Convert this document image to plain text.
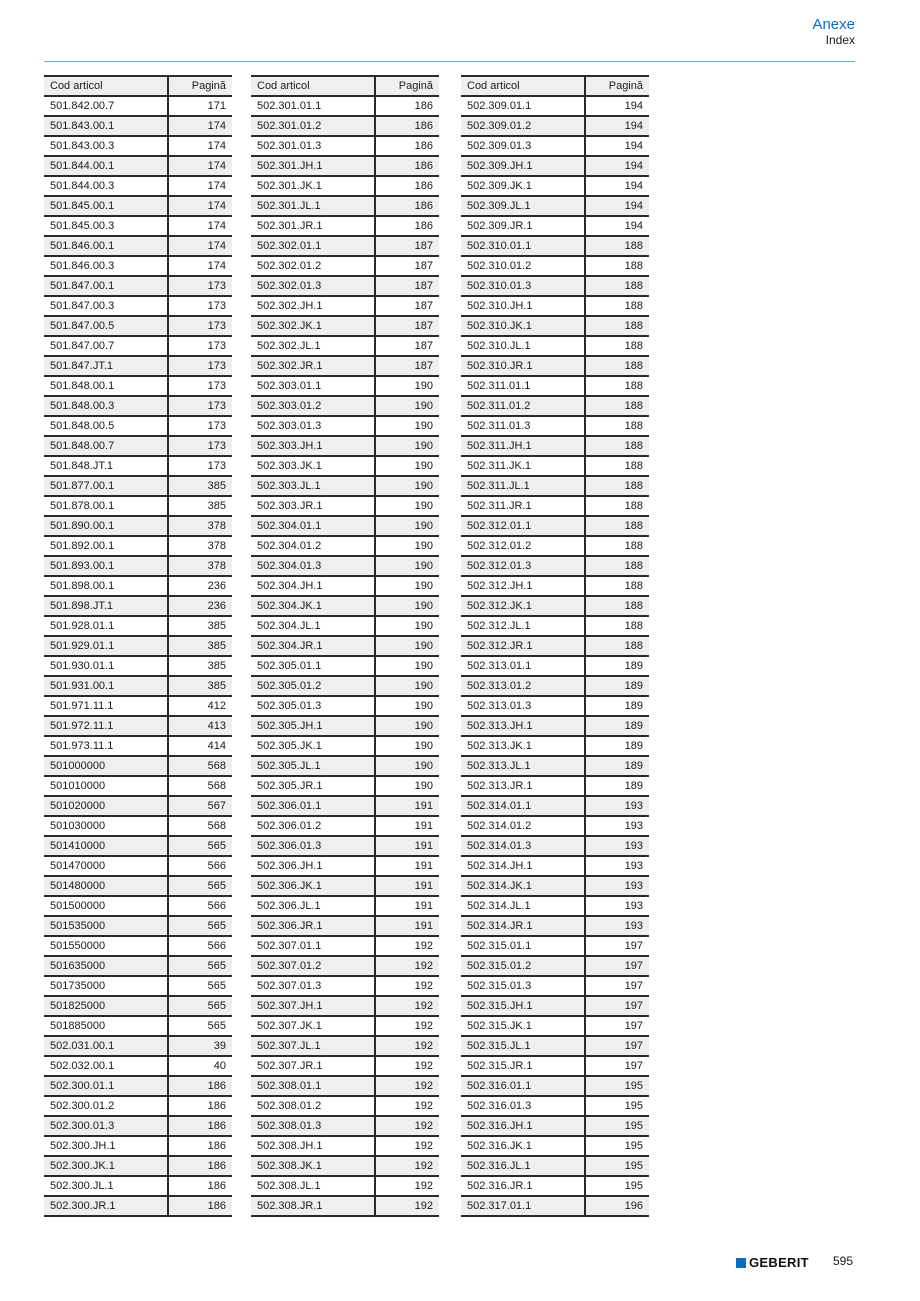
Anexe
Index
Cod articol	Pagină
501.842.00.7	171
501.843.00.1	174
501.843.00.3	174
501.844.00.1	174
501.844.00.3	174
501.845.00.1	174
501.845.00.3	174
501.846.00.1	174
501.846.00.3	174
501.847.00.1	173
501.847.00.3	173
501.847.00.5	173
501.847.00.7	173
501.847.JT.1	173
501.848.00.1	173
501.848.00.3	173
501.848.00.5	173
501.848.00.7	173
501.848.JT.1	173
501.877.00.1	385
501.878.00.1	385
501.890.00.1	378
501.892.00.1	378
501.893.00.1	378
501.898.00.1	236
501.898.JT.1	236
501.928.01.1	385
501.929.01.1	385
501.930.01.1	385
501.931.00.1	385
501.971.11.1	412
501.972.11.1	413
501.973.11.1	414
501000000	568
501010000	568
501020000	567
501030000	568
501410000	565
501470000	566
501480000	565
501500000	566
501535000	565
501550000	566
501635000	565
501735000	565
501825000	565
501885000	565
502.031.00.1	39
502.032.00.1	40
502.300.01.1	186
502.300.01.2	186
502.300.01.3	186
502.300.JH.1	186
502.300.JK.1	186
502.300.JL.1	186
502.300.JR.1	186
Cod articol	Pagină
502.301.01.1	186
502.301.01.2	186
502.301.01.3	186
502.301.JH.1	186
502.301.JK.1	186
502.301.JL.1	186
502.301.JR.1	186
502.302.01.1	187
502.302.01.2	187
502.302.01.3	187
502.302.JH.1	187
502.302.JK.1	187
502.302.JL.1	187
502.302.JR.1	187
502.303.01.1	190
502.303.01.2	190
502.303.01.3	190
502.303.JH.1	190
502.303.JK.1	190
502.303.JL.1	190
502.303.JR.1	190
502.304.01.1	190
502.304.01.2	190
502.304.01.3	190
502.304.JH.1	190
502.304.JK.1	190
502.304.JL.1	190
502.304.JR.1	190
502.305.01.1	190
502.305.01.2	190
502.305.01.3	190
502.305.JH.1	190
502.305.JK.1	190
502.305.JL.1	190
502.305.JR.1	190
502.306.01.1	191
502.306.01.2	191
502.306.01.3	191
502.306.JH.1	191
502.306.JK.1	191
502.306.JL.1	191
502.306.JR.1	191
502.307.01.1	192
502.307.01.2	192
502.307.01.3	192
502.307.JH.1	192
502.307.JK.1	192
502.307.JL.1	192
502.307.JR.1	192
502.308.01.1	192
502.308.01.2	192
502.308.01.3	192
502.308.JH.1	192
502.308.JK.1	192
502.308.JL.1	192
502.308.JR.1	192
Cod articol	Pagină
502.309.01.1	194
502.309.01.2	194
502.309.01.3	194
502.309.JH.1	194
502.309.JK.1	194
502.309.JL.1	194
502.309.JR.1	194
502.310.01.1	188
502.310.01.2	188
502.310.01.3	188
502.310.JH.1	188
502.310.JK.1	188
502.310.JL.1	188
502.310.JR.1	188
502.311.01.1	188
502.311.01.2	188
502.311.01.3	188
502.311.JH.1	188
502.311.JK.1	188
502.311.JL.1	188
502.311.JR.1	188
502.312.01.1	188
502.312.01.2	188
502.312.01.3	188
502.312.JH.1	188
502.312.JK.1	188
502.312.JL.1	188
502.312.JR.1	188
502.313.01.1	189
502.313.01.2	189
502.313.01.3	189
502.313.JH.1	189
502.313.JK.1	189
502.313.JL.1	189
502.313.JR.1	189
502.314.01.1	193
502.314.01.2	193
502.314.01.3	193
502.314.JH.1	193
502.314.JK.1	193
502.314.JL.1	193
502.314.JR.1	193
502.315.01.1	197
502.315.01.2	197
502.315.01.3	197
502.315.JH.1	197
502.315.JK.1	197
502.315.JL.1	197
502.315.JR.1	197
502.316.01.1	195
502.316.01.3	195
502.316.JH.1	195
502.316.JK.1	195
502.316.JL.1	195
502.316.JR.1	195
502.317.01.1	196
GEBERIT 595
